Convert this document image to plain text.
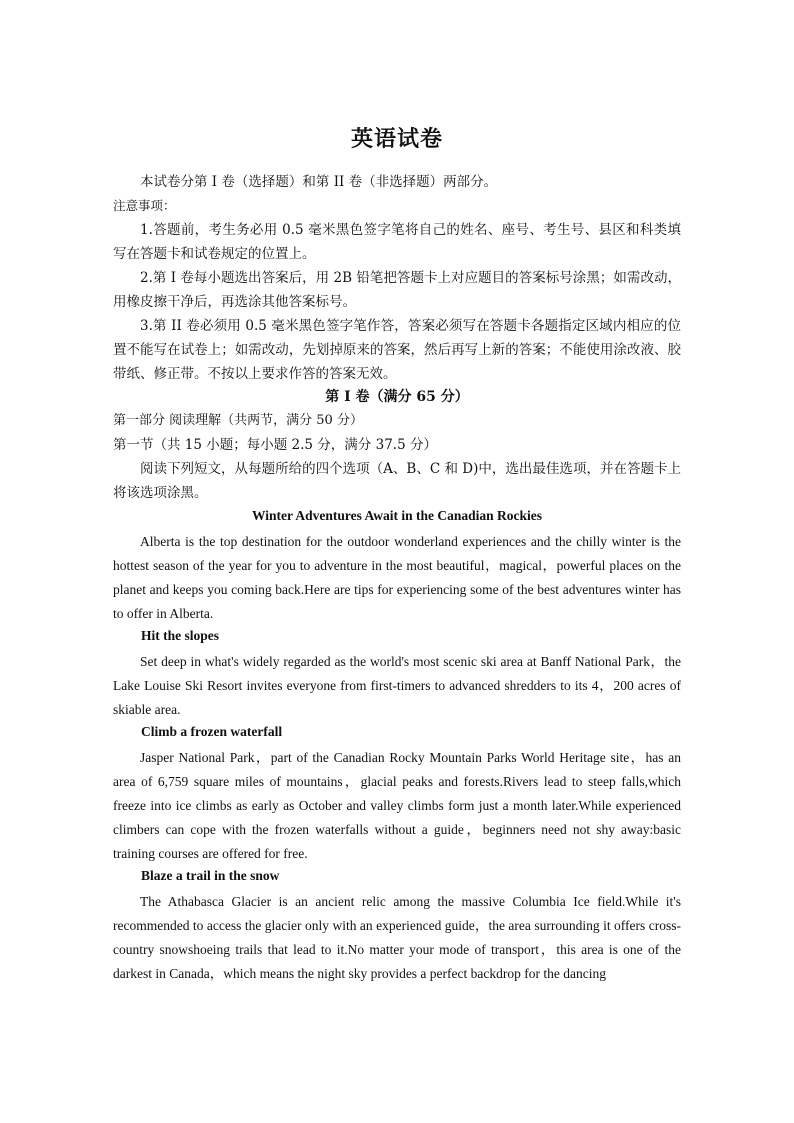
英语试卷
本试卷分第 I 卷（选择题）和第 II 卷（非选择题）两部分。
注意事项：
1.答题前，考生务必用 0.5 毫米黑色签字笔将自己的姓名、座号、考生号、县区和科类填写在答题卡和试卷规定的位置上。
2.第 I 卷每小题选出答案后，用 2B 铅笔把答题卡上对应题目的答案标号涂黑；如需改动，用橡皮擦干净后，再选涂其他答案标号。
3.第 II 卷必须用 0.5 毫米黑色签字笔作答，答案必须写在答题卡各题指定区域内相应的位置不能写在试卷上；如需改动，先划掉原来的答案，然后再写上新的答案；不能使用涂改液、胶带纸、修正带。不按以上要求作答的答案无效。
第 I 卷（满分 65 分）
第一部分 阅读理解（共两节，满分 50 分）
第一节（共 15 小题；每小题 2.5 分，满分 37.5 分）
阅读下列短文，从每题所给的四个选项（A、B、C 和 D)中，选出最佳选项，并在答题卡上将该选项涂黑。
Winter Adventures Await in the Canadian Rockies
Alberta is the top destination for the outdoor wonderland experiences and the chilly winter is the hottest season of the year for you to adventure in the most beautiful，magical，powerful places on the planet and keeps you coming back.Here are tips for experiencing some of the best adventures winter has to offer in Alberta.
Hit the slopes
Set deep in what's widely regarded as the world's most scenic ski area at Banff National Park，the Lake Louise Ski Resort invites everyone from first-timers to advanced shredders to its 4，200 acres of skiable area.
Climb a frozen waterfall
Jasper National Park，part of the Canadian Rocky Mountain Parks World Heritage site，has an area of 6,759 square miles of mountains，glacial peaks and forests.Rivers lead to steep falls,which freeze into ice climbs as early as October and valley climbs form just a month later.While experienced climbers can cope with the frozen waterfalls without a guide，beginners need not shy away:basic training courses are offered for free.
Blaze a trail in the snow
The Athabasca Glacier is an ancient relic among the massive Columbia Ice field.While it's recommended to access the glacier only with an experienced guide，the area surrounding it offers cross-country snowshoeing trails that lead to it.No matter your mode of transport，this area is one of the darkest in Canada，which means the night sky provides a perfect backdrop for the dancing
